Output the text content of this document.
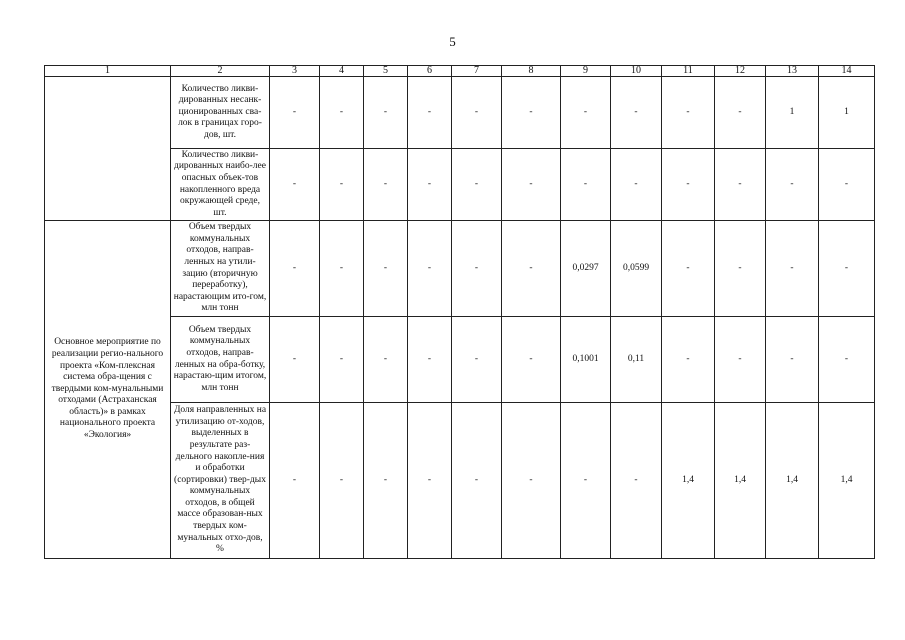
5
1	2	3	4	5	6	7	8	9	10	11	12	13	14
	Количество ликви-дированных несанк-ционированных сва-лок в границах горо-дов, шт.	-	-	-	-	-	-	-	-	-	-	1	1
	Количество ликви-дированных наибо-лее опасных объек-тов накопленного вреда окружающей среде, шт.	-	-	-	-	-	-	-	-	-	-	-	-
Основное мероприятие по реализации регио-нального проекта «Ком-плексная система обра-щения с твердыми ком-мунальными отходами (Астраханская область)» в рамках национального проекта «Экология»	Объем твердых коммунальных отходов, направ-ленных на утили-зацию (вторичную переработку), нарастающим ито-гом, млн тонн	-	-	-	-	-	-	0,0297	0,0599	-	-	-	-
	Объем твердых коммунальных отходов, направ-ленных на обра-ботку, нарастаю-щим итогом, млн тонн	-	-	-	-	-	-	0,1001	0,11	-	-	-	-
	Доля направленных на утилизацию от-ходов, выделенных в результате раз-дельного накопле-ния и обработки (сортировки) твер-дых коммунальных отходов, в общей массе образован-ных твердых ком-мунальных отхо-дов, %	-	-	-	-	-	-	-	-	1,4	1,4	1,4	1,4
